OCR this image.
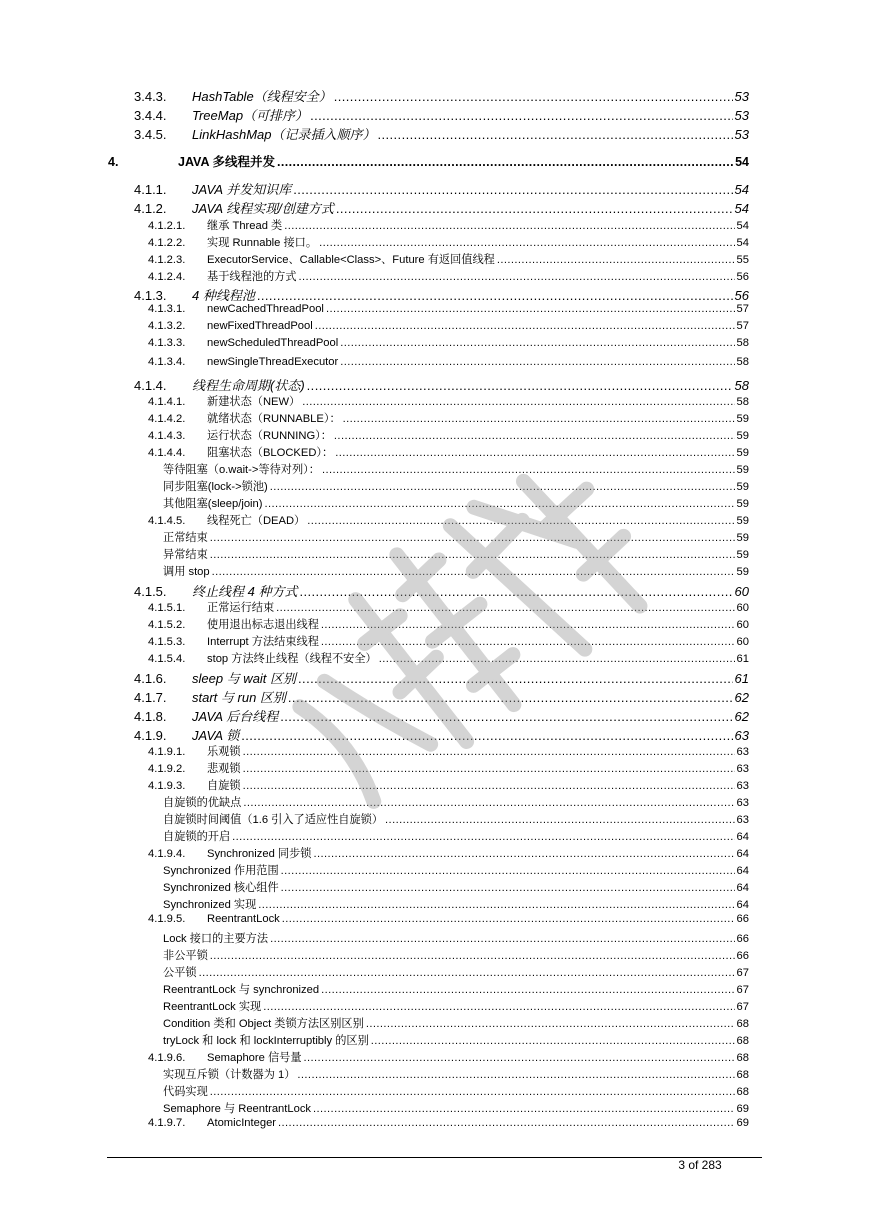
3.4.3.	HashTable（线程安全） .....	53
3.4.4.	TreeMap（可排序） .....	53
3.4.5.	LinkHashMap（记录插入顺序） .....	53
4.	JAVA 多线程并发 .....	54
4.1.1.	JAVA 并发知识库 .....	54
4.1.2.	JAVA 线程实现/创建方式 .....	54
4.1.2.1.	继承 Thread 类 .....	54
4.1.2.2.	实现 Runnable 接口。 .....	54
4.1.2.3.	ExecutorService、Callable<Class>、Future 有返回值线程 .....	55
4.1.2.4.	基于线程池的方式 .....	56
4.1.3.	4 种线程池 .....	56
4.1.3.1.	newCachedThreadPool .....	57
4.1.3.2.	newFixedThreadPool .....	57
4.1.3.3.	newScheduledThreadPool .....	58
4.1.3.4.	newSingleThreadExecutor .....	58
4.1.4.	线程生命周期(状态) .....	58
4.1.4.1.	新建状态（NEW） .....	58
4.1.4.2.	就绪状态（RUNNABLE）： .....	59
4.1.4.3.	运行状态（RUNNING）： .....	59
4.1.4.4.	阻塞状态（BLOCKED）： .....	59
等待阻塞（o.wait->等待对列）： .....	59
同步阻塞(lock->锁池) .....	59
其他阻塞(sleep/join) .....	59
4.1.4.5.	线程死亡（DEAD） .....	59
正常结束 .....	59
异常结束 .....	59
调用 stop .....	59
4.1.5.	终止线程 4 种方式 .....	60
4.1.5.1.	正常运行结束 .....	60
4.1.5.2.	使用退出标志退出线程 .....	60
4.1.5.3.	Interrupt 方法结束线程 .....	60
4.1.5.4.	stop 方法终止线程（线程不安全） .....	61
4.1.6.	sleep 与 wait 区别 .....	61
4.1.7.	start 与 run 区别 .....	62
4.1.8.	JAVA 后台线程 .....	62
4.1.9.	JAVA 锁 .....	63
4.1.9.1.	乐观锁 .....	63
4.1.9.2.	悲观锁 .....	63
4.1.9.3.	自旋锁 .....	63
自旋锁的优缺点 .....	63
自旋锁时间阈值（1.6 引入了适应性自旋锁） .....	63
自旋锁的开启 .....	64
4.1.9.4.	Synchronized 同步锁 .....	64
Synchronized 作用范围 .....	64
Synchronized 核心组件 .....	64
Synchronized 实现 .....	64
4.1.9.5.	ReentrantLock .....	66
Lock 接口的主要方法 .....	66
非公平锁 .....	66
公平锁 .....	67
ReentrantLock 与 synchronized .....	67
ReentrantLock 实现 .....	67
Condition 类和 Object 类锁方法区别区别 .....	68
tryLock 和 lock 和 lockInterruptibly 的区别 .....	68
4.1.9.6.	Semaphore 信号量 .....	68
实现互斥锁（计数器为 1） .....	68
代码实现 .....	68
Semaphore 与 ReentrantLock .....	69
4.1.9.7.	AtomicInteger .....	69
3 of 283
